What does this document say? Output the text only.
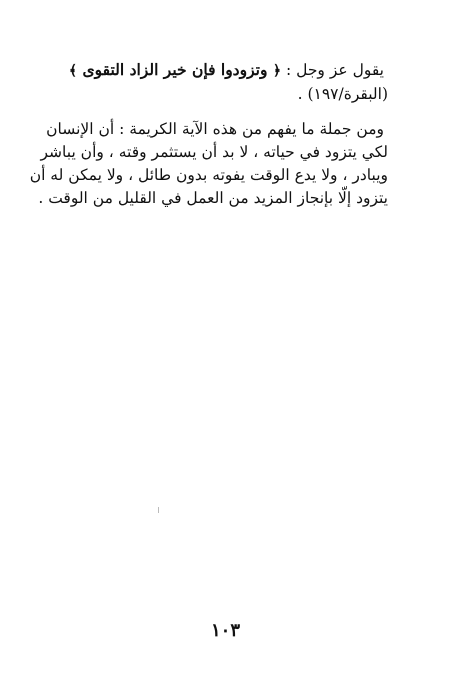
يقول عز وجل : ﴿ وتزودوا فإن خير الزاد التقوى ﴾
(البقرة/١٩٧) .
ومن جملة ما يفهم من هذه الآية الكريمة : أن الإنسان
لكي يتزود في حياته ، لا بد أن يستثمر وقته ، وأن يباشر
ويبادر ، ولا يدع الوقت يفوته بدون طائل ، ولا يمكن له أن
يتزود إلّا بإنجاز المزيد من العمل في القليل من الوقت .
١٠٣
